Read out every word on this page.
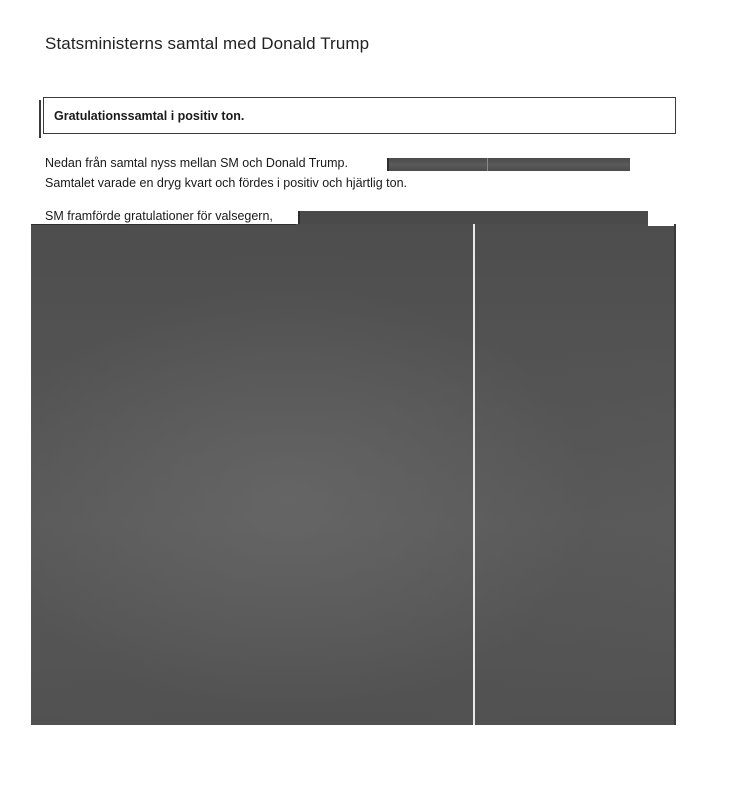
Statsministerns samtal med Donald Trump
Gratulationssamtal i positiv ton.
Nedan från samtal nyss mellan SM och Donald Trump.
Samtalet varade en dryg kvart och fördes i positiv och hjärtlig ton.
SM framförde gratulationer för valsegern,
